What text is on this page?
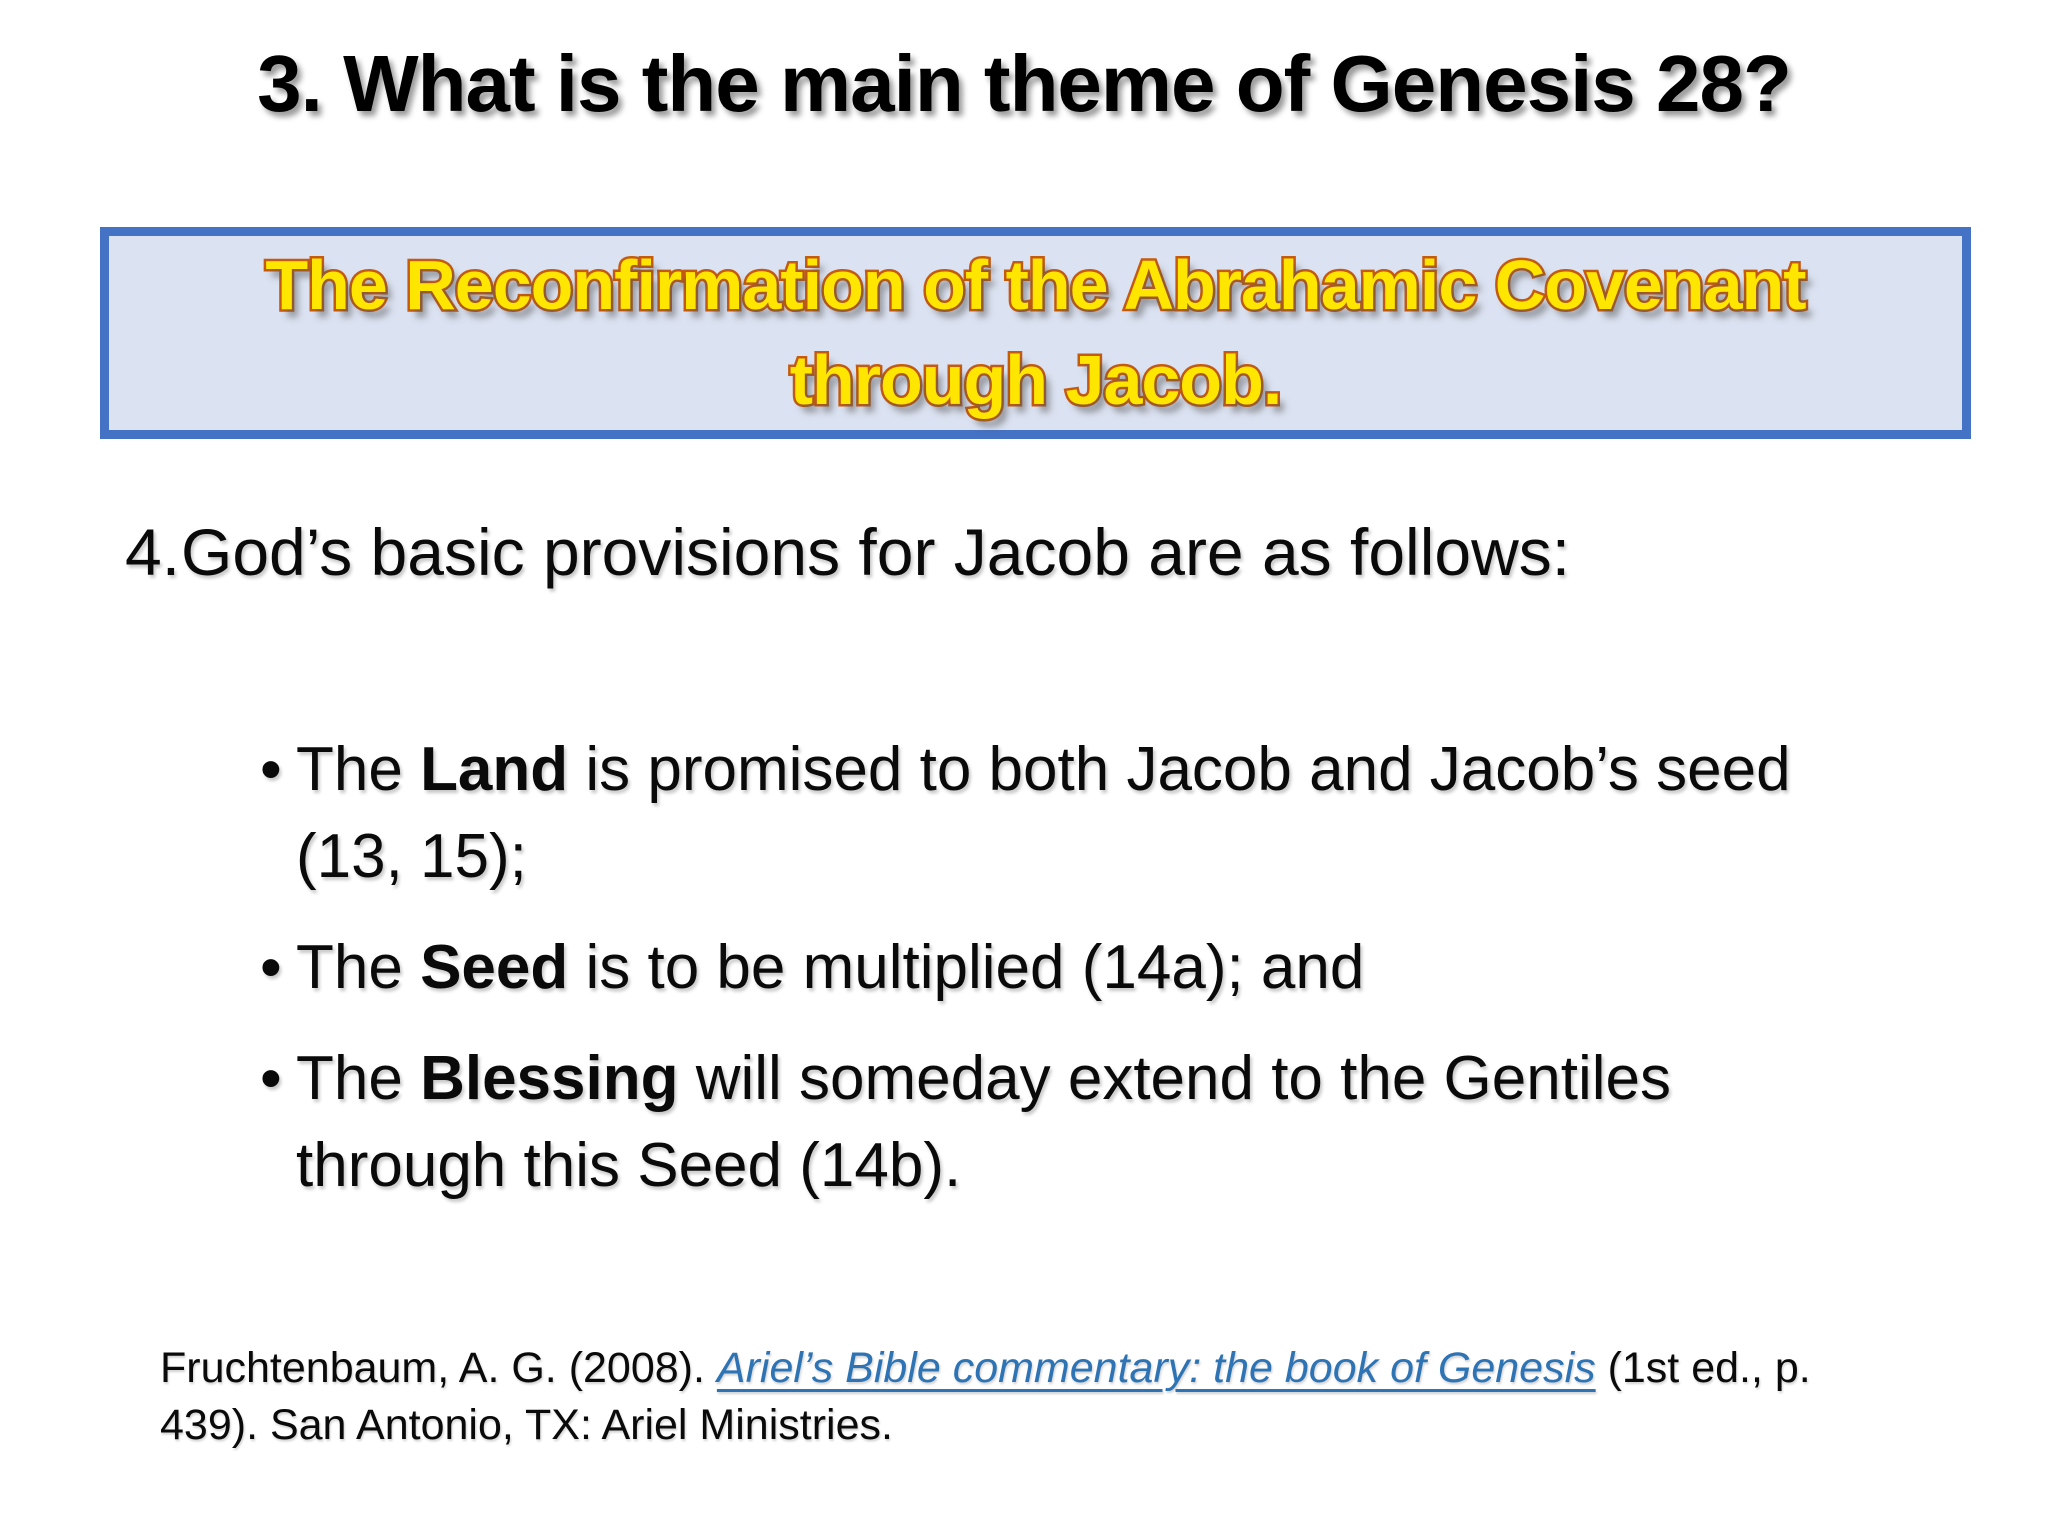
3. What is the main theme of Genesis 28?
The Reconfirmation of the Abrahamic Covenant
through Jacob.
4. God’s basic provisions for Jacob are as follows:
• The Land is promised to both Jacob and Jacob’s seed (13, 15);
• The Seed is to be multiplied (14a); and
• The Blessing will someday extend to the Gentiles through this Seed (14b).

Fruchtenbaum, A. G. (2008). Ariel’s Bible commentary: the book of Genesis (1st ed., p. 439). San Antonio, TX: Ariel Ministries.
